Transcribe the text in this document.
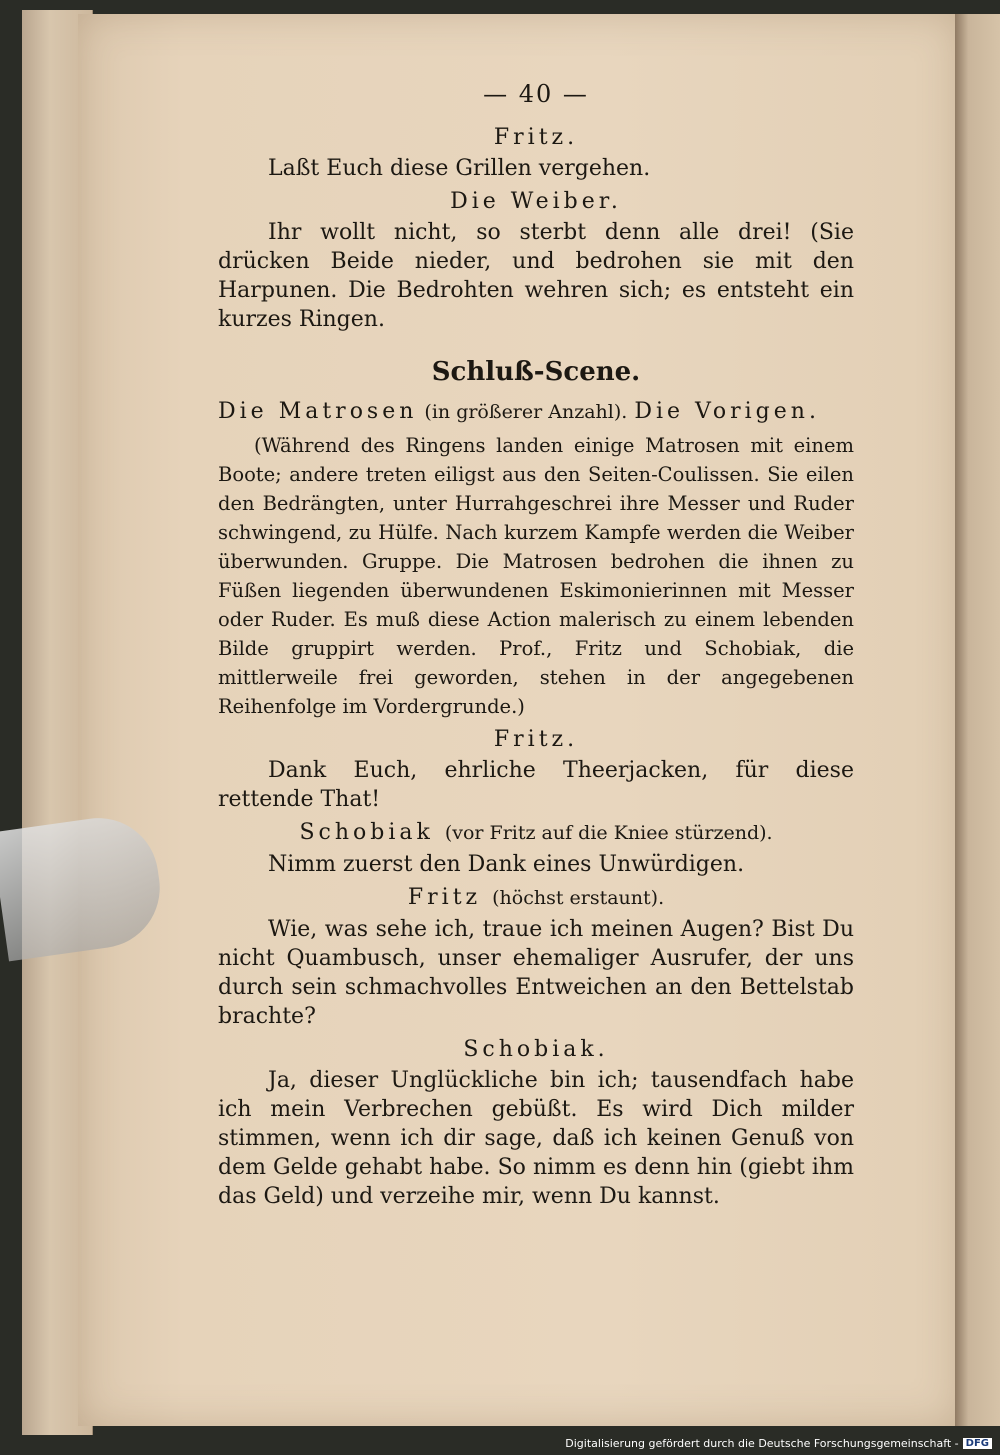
— 40 —
Fritz.
Laßt Euch diese Grillen vergehen.
Die Weiber.
Ihr wollt nicht, so sterbt denn alle drei! (Sie drücken Beide nieder, und bedrohen sie mit den Harpunen. Die Bedrohten wehren sich; es entsteht ein kurzes Ringen.
Schluß-Scene.
Die Matrosen (in größerer Anzahl). Die Vorigen.
(Während des Ringens landen einige Matrosen mit einem Boote; andere treten eiligst aus den Seiten-Coulissen. Sie eilen den Bedrängten, unter Hurrahgeschrei ihre Messer und Ruder schwingend, zu Hülfe. Nach kurzem Kampfe werden die Weiber überwunden. Gruppe. Die Matrosen bedrohen die ihnen zu Füßen liegenden überwundenen Eskimonierinnen mit Messer oder Ruder. Es muß diese Action malerisch zu einem lebenden Bilde gruppirt werden. Prof., Fritz und Schobiak, die mittlerweile frei geworden, stehen in der angegebenen Reihenfolge im Vordergrunde.)
Fritz.
Dank Euch, ehrliche Theerjacken, für diese rettende That!
Schobiak (vor Fritz auf die Kniee stürzend).
Nimm zuerst den Dank eines Unwürdigen.
Fritz (höchst erstaunt).
Wie, was sehe ich, traue ich meinen Augen? Bist Du nicht Quambusch, unser ehemaliger Ausrufer, der uns durch sein schmachvolles Entweichen an den Bettelstab brachte?
Schobiak.
Ja, dieser Unglückliche bin ich; tausendfach habe ich mein Verbrechen gebüßt. Es wird Dich milder stimmen, wenn ich dir sage, daß ich keinen Genuß von dem Gelde gehabt habe. So nimm es denn hin (giebt ihm das Geld) und verzeihe mir, wenn Du kannst.
Digitalisierung gefördert durch die Deutsche Forschungsgemeinschaft - DFG
